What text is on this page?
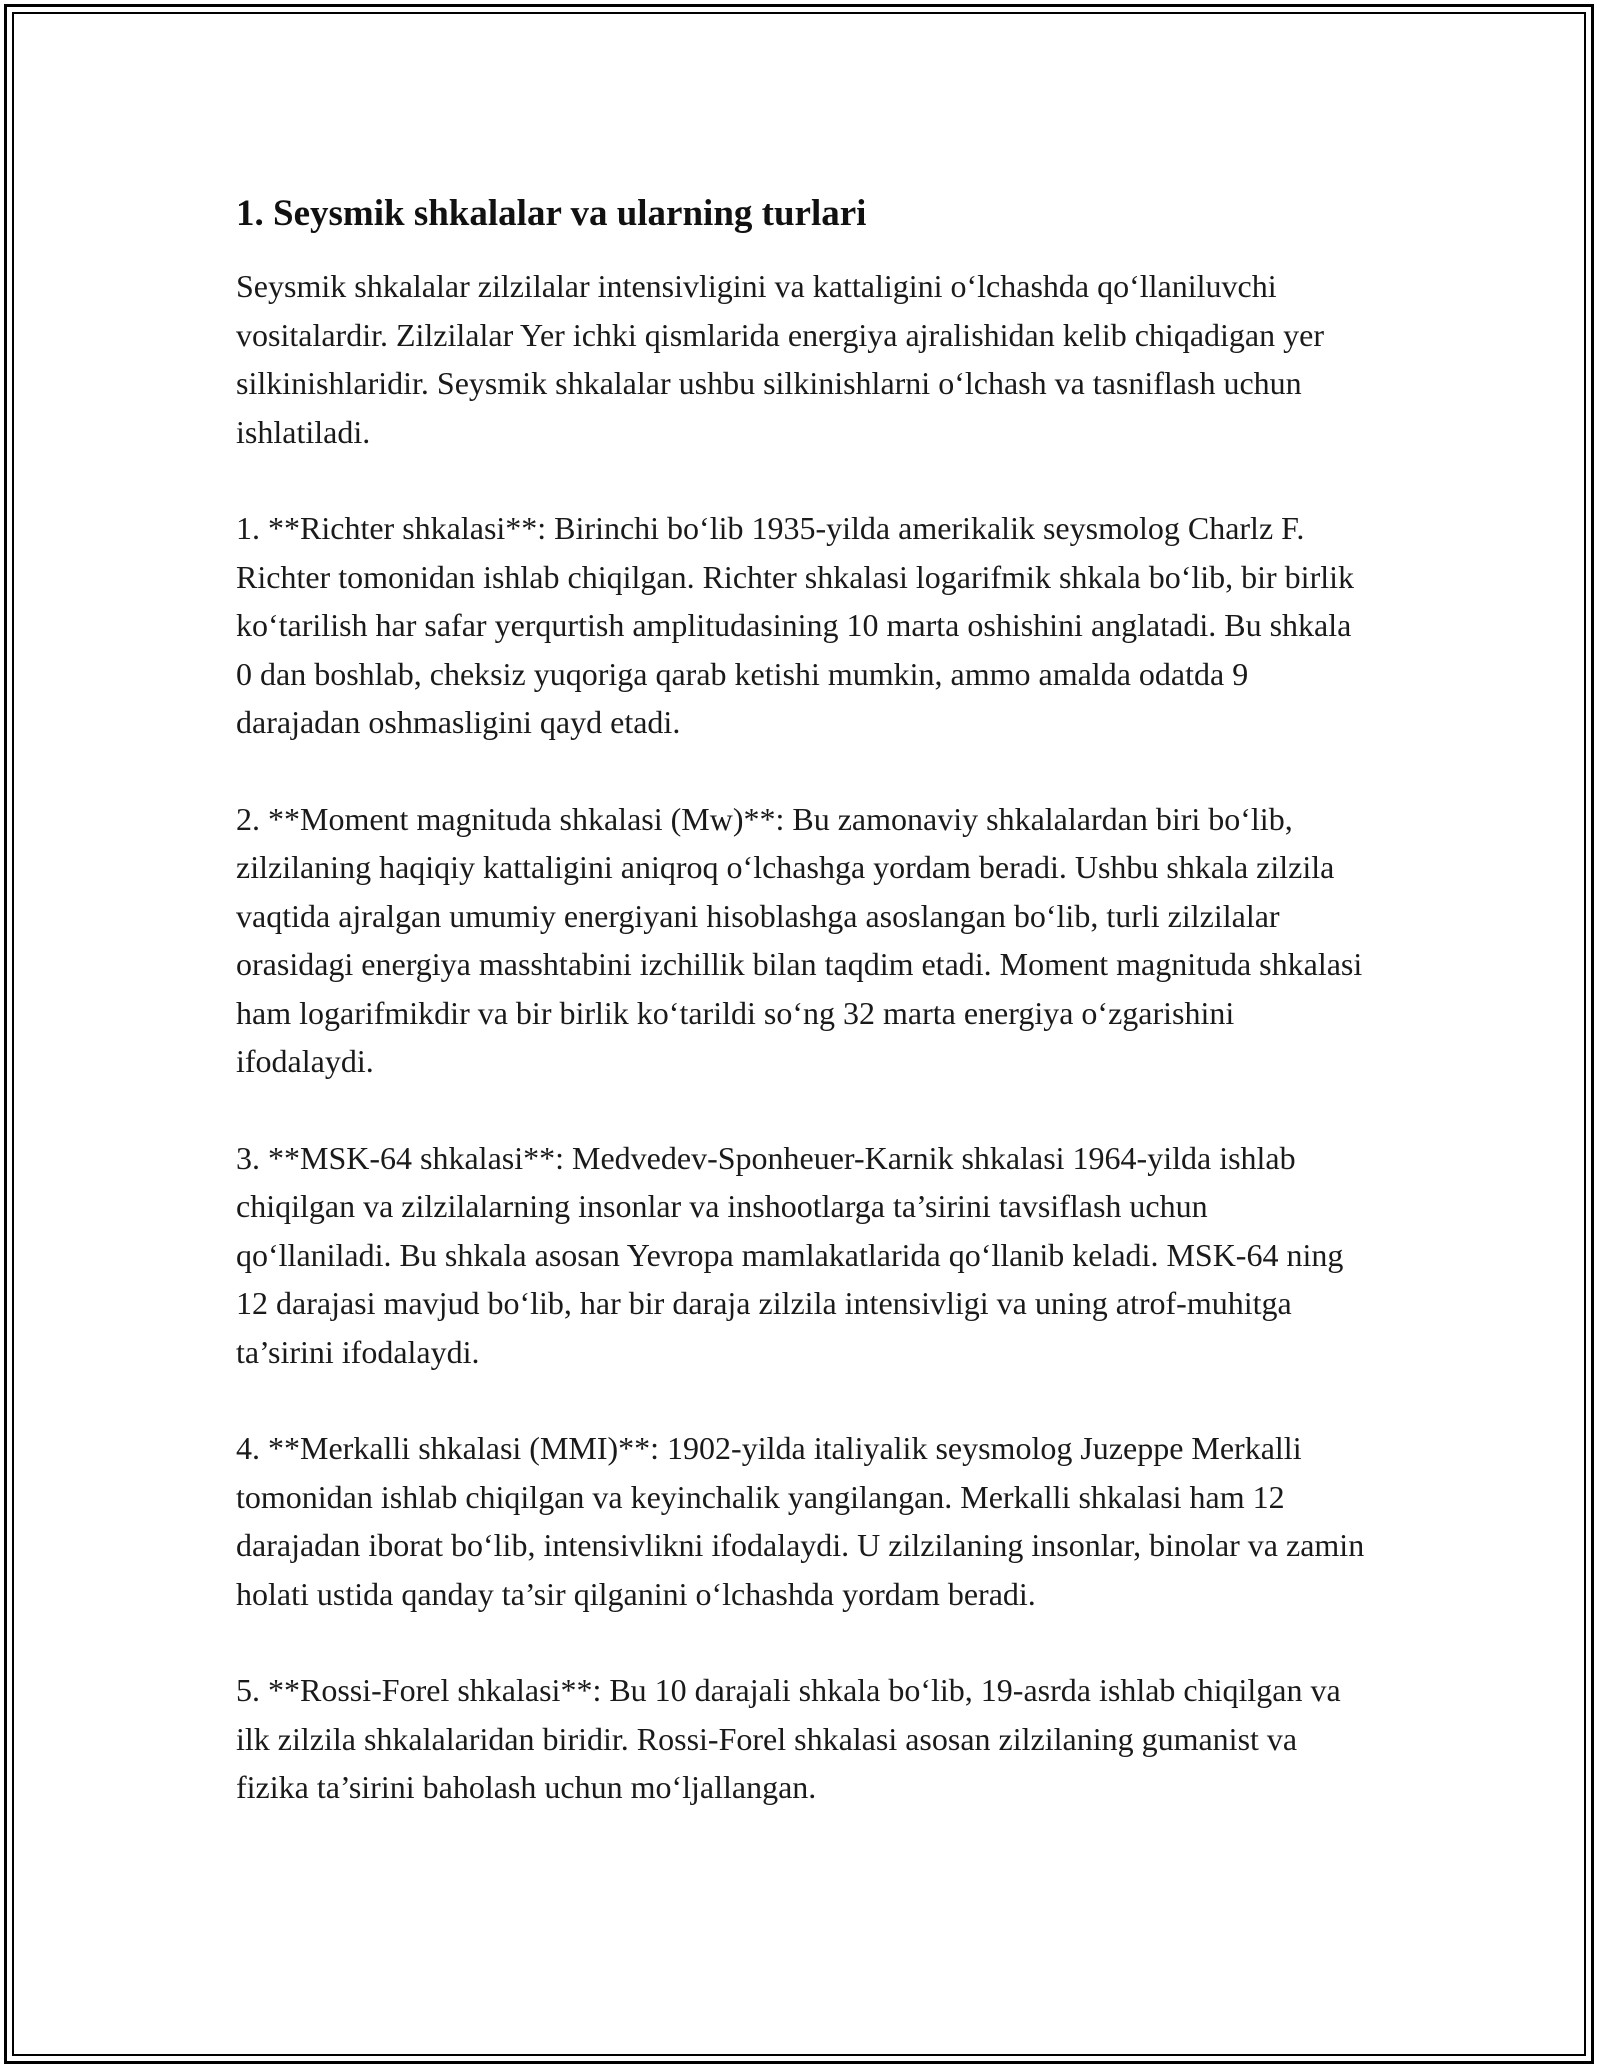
1. Seysmik shkalalar va ularning turlari

Seysmik shkalalar zilzilalar intensivligini va kattaligini o‘lchashda qo‘llaniluvchi vositalardir. Zilzilalar Yer ichki qismlarida energiya ajralishidan kelib chiqadigan yer silkinishlaridir. Seysmik shkalalar ushbu silkinishlarni o‘lchash va tasniflash uchun ishlatiladi.

1. **Richter shkalasi**: Birinchi bo‘lib 1935-yilda amerikalik seysmolog Charlz F. Richter tomonidan ishlab chiqilgan. Richter shkalasi logarifmik shkala bo‘lib, bir birlik ko‘tarilish har safar yerqurtish amplitudasining 10 marta oshishini anglatadi. Bu shkala 0 dan boshlab, cheksiz yuqoriga qarab ketishi mumkin, ammo amalda odatda 9 darajadan oshmasligini qayd etadi.

2. **Moment magnituda shkalasi (Mw)**: Bu zamonaviy shkalalardan biri bo‘lib, zilzilaning haqiqiy kattaligini aniqroq o‘lchashga yordam beradi. Ushbu shkala zilzila vaqtida ajralgan umumiy energiyani hisoblashga asoslangan bo‘lib, turli zilzilalar orasidagi energiya masshtabini izchillik bilan taqdim etadi. Moment magnituda shkalasi ham logarifmikdir va bir birlik ko‘tarildi so‘ng 32 marta energiya o‘zgarishini ifodalaydi.

3. **MSK-64 shkalasi**: Medvedev-Sponheuer-Karnik shkalasi 1964-yilda ishlab chiqilgan va zilzilalarning insonlar va inshootlarga ta’sirini tavsiflash uchun qo‘llaniladi. Bu shkala asosan Yevropa mamlakatlarida qo‘llanib keladi. MSK-64 ning 12 darajasi mavjud bo‘lib, har bir daraja zilzila intensivligi va uning atrof-muhitga ta’sirini ifodalaydi.

4. **Merkalli shkalasi (MMI)**: 1902-yilda italiyalik seysmolog Juzeppe Merkalli tomonidan ishlab chiqilgan va keyinchalik yangilangan. Merkalli shkalasi ham 12 darajadan iborat bo‘lib, intensivlikni ifodalaydi. U zilzilaning insonlar, binolar va zamin holati ustida qanday ta’sir qilganini o‘lchashda yordam beradi.

5. **Rossi-Forel shkalasi**: Bu 10 darajali shkala bo‘lib, 19-asrda ishlab chiqilgan va ilk zilzila shkalalaridan biridir. Rossi-Forel shkalasi asosan zilzilaning gumanist va fizika ta’sirini baholash uchun mo‘ljallangan.
